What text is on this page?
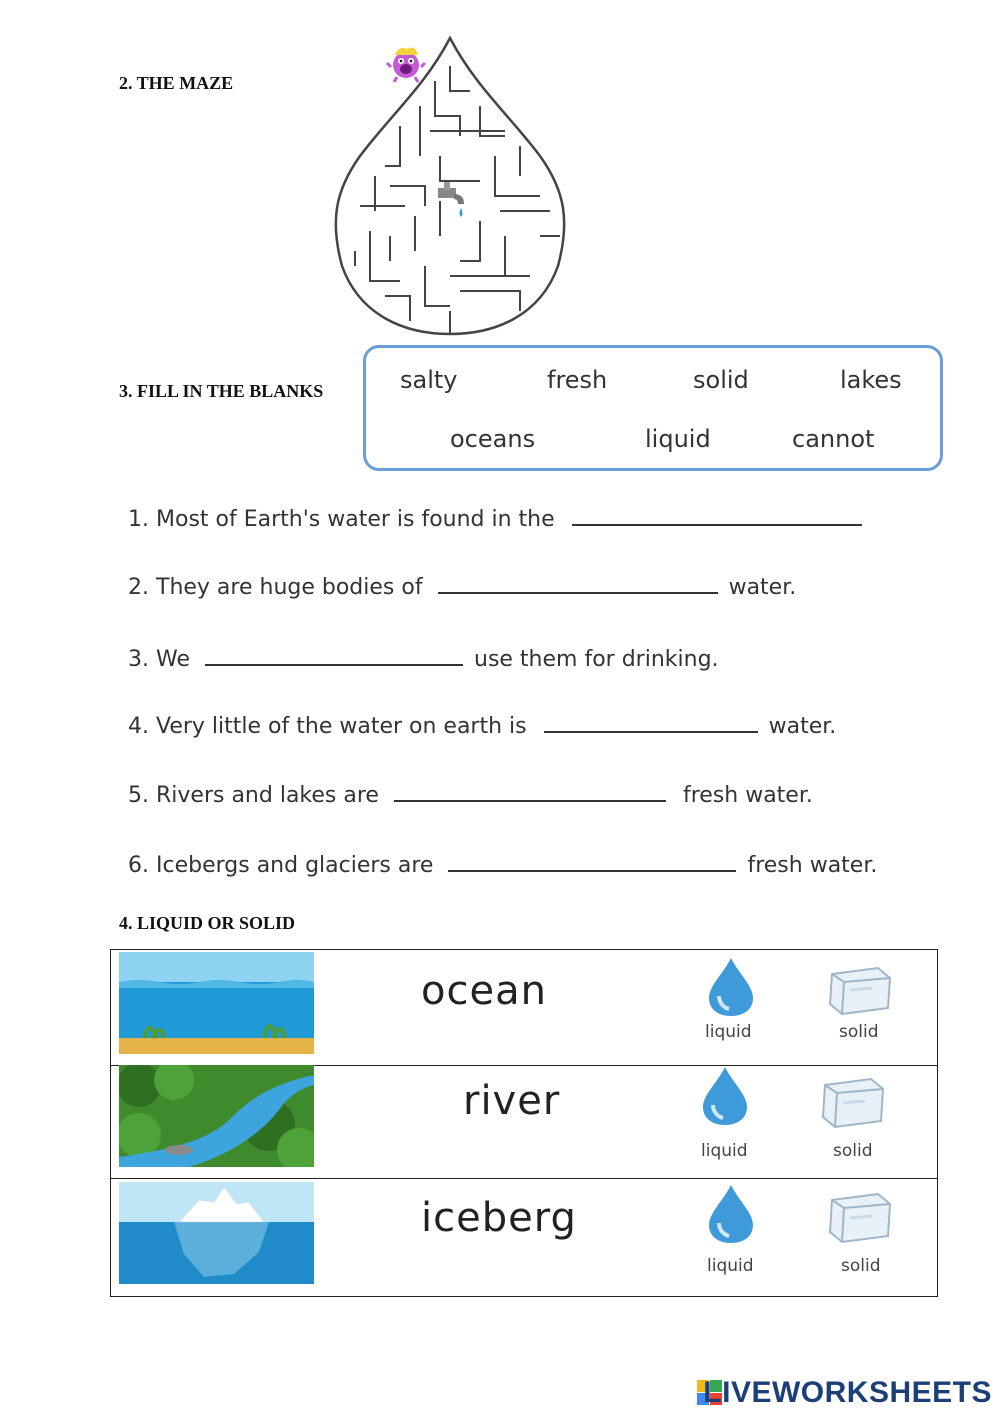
2. THE MAZE
3. FILL IN THE BLANKS
4. LIQUID OR SOLID
salty	fresh	solid	lakes
oceans	liquid	cannot
1. Most of Earth's water is found in the
2. They are huge bodies of	water.
3. We	use them for drinking.
4. Very little of the water on earth is	water.
5. Rivers and lakes are	fresh water.
6. Icebergs and glaciers are	fresh water.
ocean
liquid	solid
river
liquid	solid
iceberg
liquid	solid
LIVEWORKSHEETS
